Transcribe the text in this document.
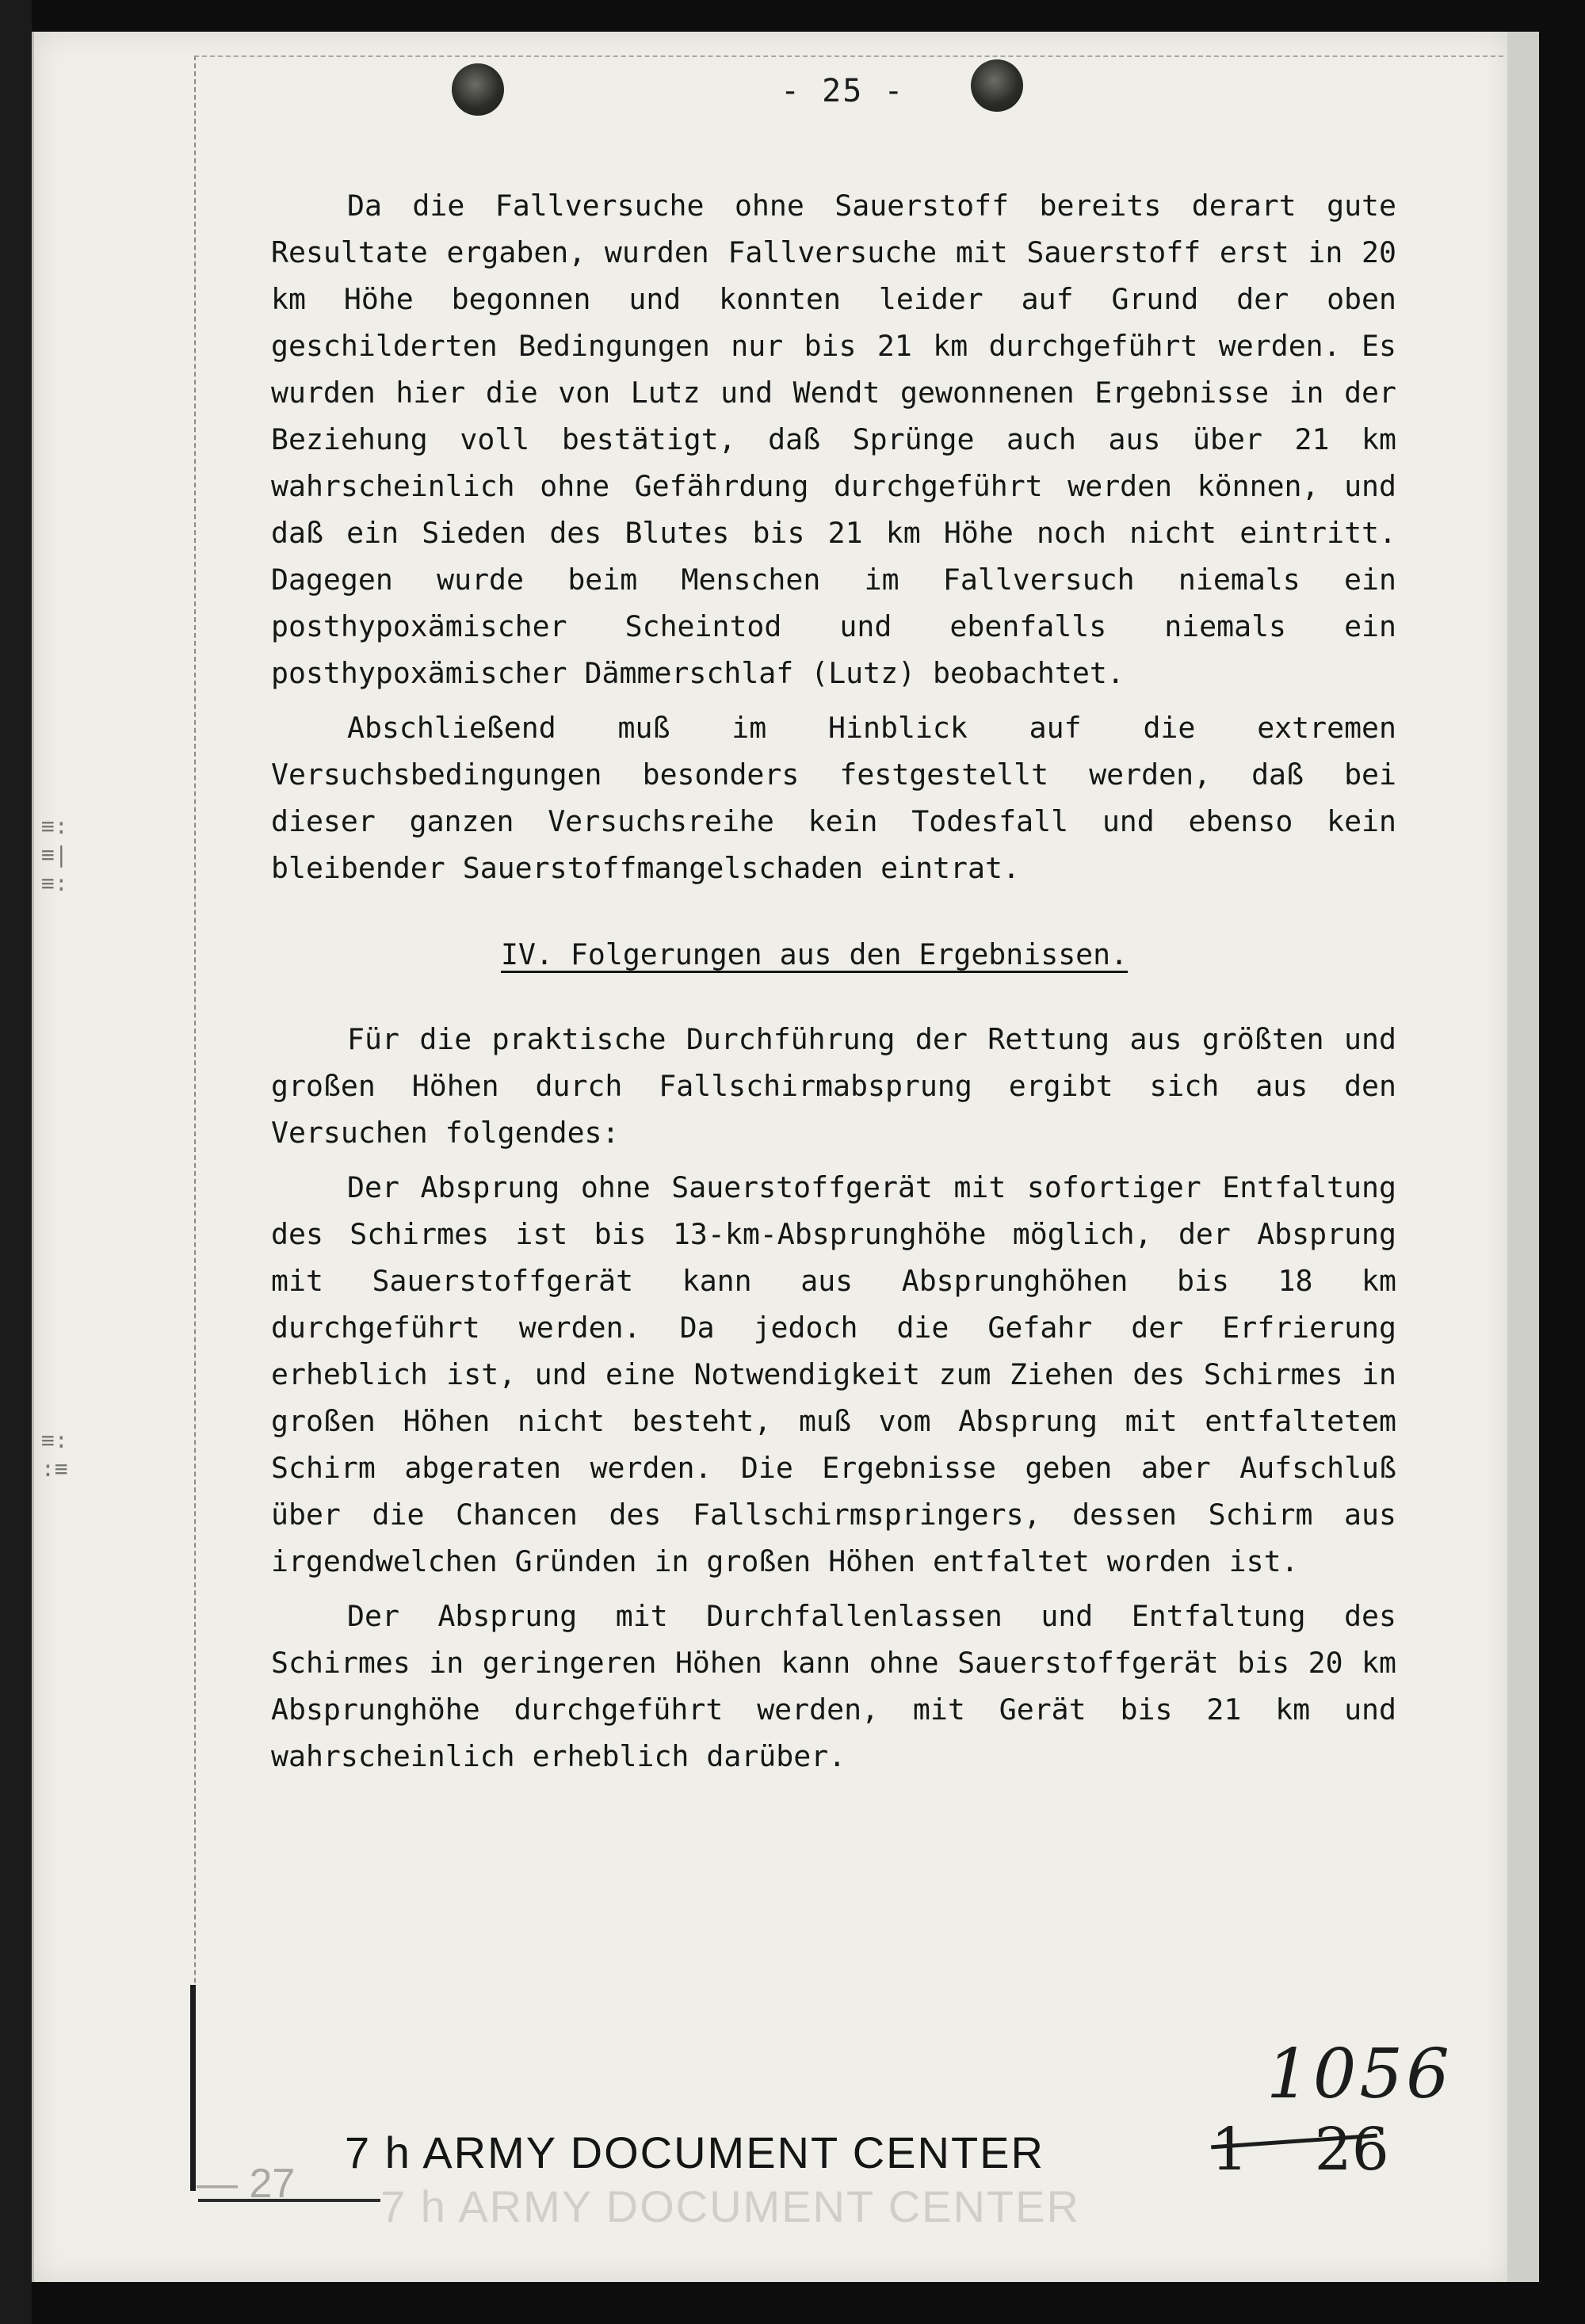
- 25 -
≡:
≡|
≡:
≡:
:≡

Da die Fallversuche ohne Sauerstoff bereits derart gute Resultate ergaben, wurden Fallversuche mit Sauerstoff erst in 20 km Höhe begonnen und konnten leider auf Grund der oben geschilderten Bedingungen nur bis 21 km durchgeführt werden. Es wurden hier die von Lutz und Wendt gewonnenen Ergebnisse in der Beziehung voll bestätigt, daß Sprünge auch aus über 21 km wahrscheinlich ohne Gefährdung durchgeführt werden können, und daß ein Sieden des Blutes bis 21 km Höhe noch nicht eintritt. Dagegen wurde beim Menschen im Fallversuch niemals ein posthypoxämischer Scheintod und ebenfalls niemals ein posthypoxämischer Dämmerschlaf (Lutz) beobachtet.

Abschließend muß im Hinblick auf die extremen Versuchsbedingungen besonders festgestellt werden, daß bei dieser ganzen Versuchsreihe kein Todesfall und ebenso kein bleibender Sauerstoffmangelschaden eintrat.

IV. Folgerungen aus den Ergebnissen.

Für die praktische Durchführung der Rettung aus größten und großen Höhen durch Fallschirmabsprung ergibt sich aus den Versuchen folgendes:

Der Absprung ohne Sauerstoffgerät mit sofortiger Entfaltung des Schirmes ist bis 13-km-Absprunghöhe möglich, der Absprung mit Sauerstoffgerät kann aus Absprunghöhen bis 18 km durchgeführt werden. Da jedoch die Gefahr der Erfrierung erheblich ist, und eine Notwendigkeit zum Ziehen des Schirmes in großen Höhen nicht besteht, muß vom Absprung mit entfaltetem Schirm abgeraten werden. Die Ergebnisse geben aber Aufschluß über die Chancen des Fallschirmspringers, dessen Schirm aus irgendwelchen Gründen in großen Höhen entfaltet worden ist.

Der Absprung mit Durchfallenlassen und Entfaltung des Schirmes in geringeren Höhen kann ohne Sauerstoffgerät bis 20 km Absprunghöhe durchgeführt werden, mit Gerät bis 21 km und wahrscheinlich erheblich darüber.

— 27 7 h ARMY DOCUMENT CENTER
7 h ARMY DOCUMENT CENTER
1056
1 26
